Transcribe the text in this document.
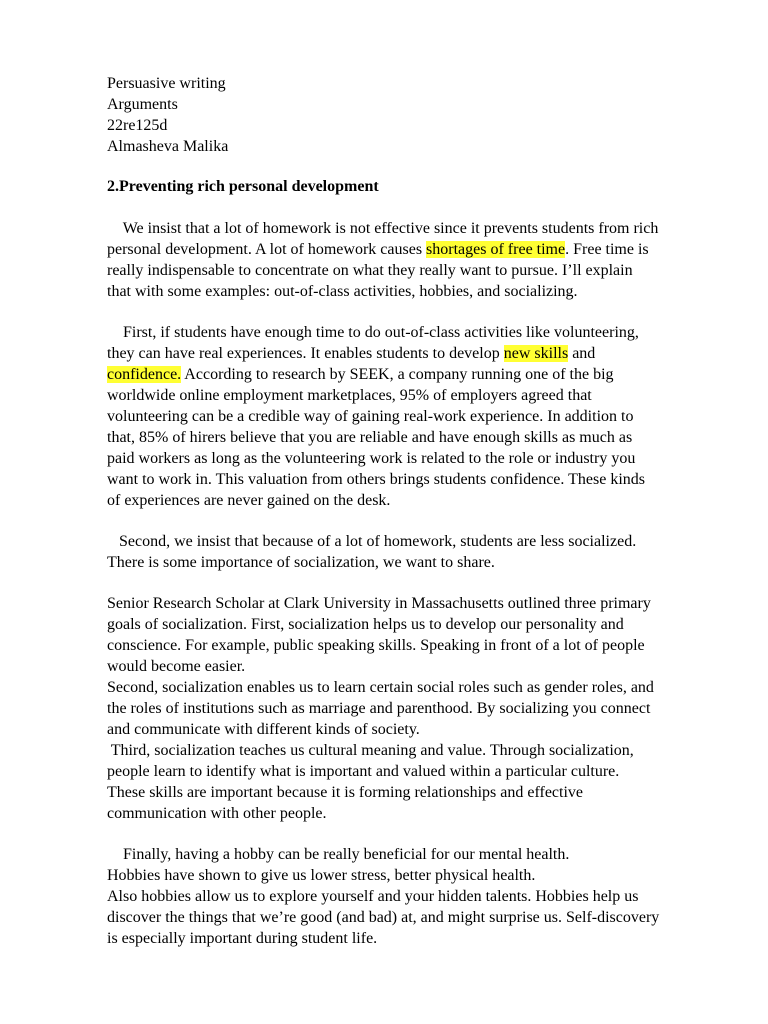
Persuasive writing
Arguments
22re125d
Almasheva Malika
2.Preventing rich personal development
We insist that a lot of homework is not effective since it prevents students from rich
personal development. A lot of homework causes shortages of free time. Free time is
really indispensable to concentrate on what they really want to pursue. I’ll explain
that with some examples: out-of-class activities, hobbies, and socializing.
First, if students have enough time to do out-of-class activities like volunteering,
they can have real experiences. It enables students to develop new skills and
confidence. According to research by SEEK, a company running one of the big
worldwide online employment marketplaces, 95% of employers agreed that
volunteering can be a credible way of gaining real-work experience. In addition to
that, 85% of hirers believe that you are reliable and have enough skills as much as
paid workers as long as the volunteering work is related to the role or industry you
want to work in. This valuation from others brings students confidence. These kinds
of experiences are never gained on the desk.
Second, we insist that because of a lot of homework, students are less socialized.
There is some importance of socialization, we want to share.
Senior Research Scholar at Clark University in Massachusetts outlined three primary
goals of socialization. First, socialization helps us to develop our personality and
conscience. For example, public speaking skills. Speaking in front of a lot of people
would become easier.
Second, socialization enables us to learn certain social roles such as gender roles, and
the roles of institutions such as marriage and parenthood. By socializing you connect
and communicate with different kinds of society.
Third, socialization teaches us cultural meaning and value. Through socialization,
people learn to identify what is important and valued within a particular culture.
These skills are important because it is forming relationships and effective
communication with other people.
Finally, having a hobby can be really beneficial for our mental health.
Hobbies have shown to give us lower stress, better physical health.
Also hobbies allow us to explore yourself and your hidden talents. Hobbies help us
discover the things that we’re good (and bad) at, and might surprise us. Self-discovery
is especially important during student life.
